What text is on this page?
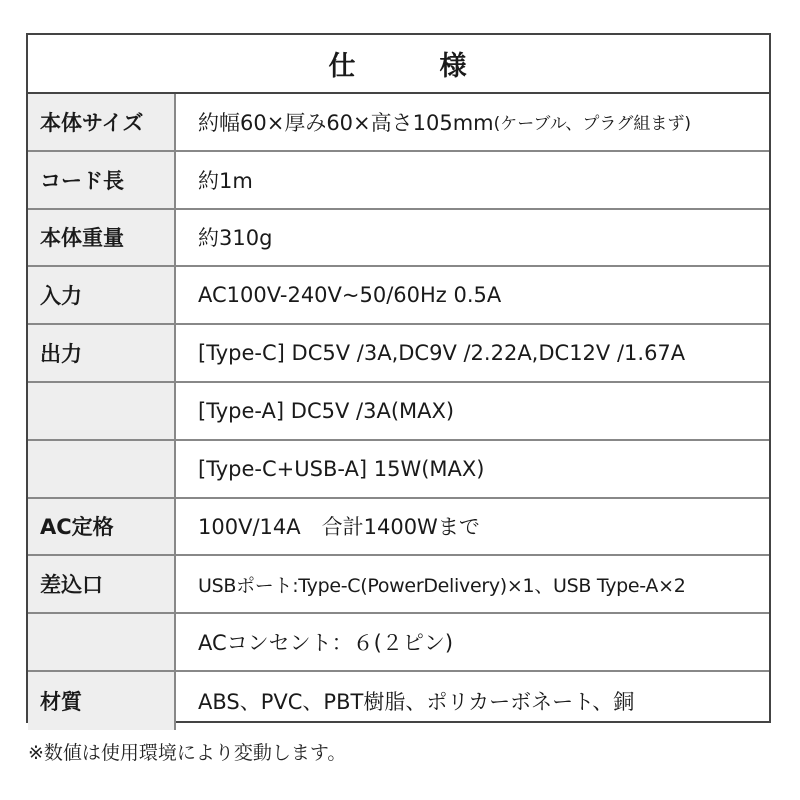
仕	様
本体サイズ	約幅60×厚み60×高さ105mm (ケーブル、プラグ組まず)
コード長	約1m
本体重量	約310g
入力	AC100V-240V~50/60Hz 0.5A
出力	[Type-C] DC5V /3A,DC9V /2.22A,DC12V /1.67A
[Type-A] DC5V /3A(MAX)
[Type-C+USB-A] 15W(MAX)
AC定格	100V/14A　合計1400Wまで
差込口	USBポート:Type-C(PowerDelivery)×1、USB Type-A×2
ACコンセント：６(２ピン)
材質	ABS、PVC、PBT樹脂、ポリカーボネート、銅
※数値は使用環境により変動します。
